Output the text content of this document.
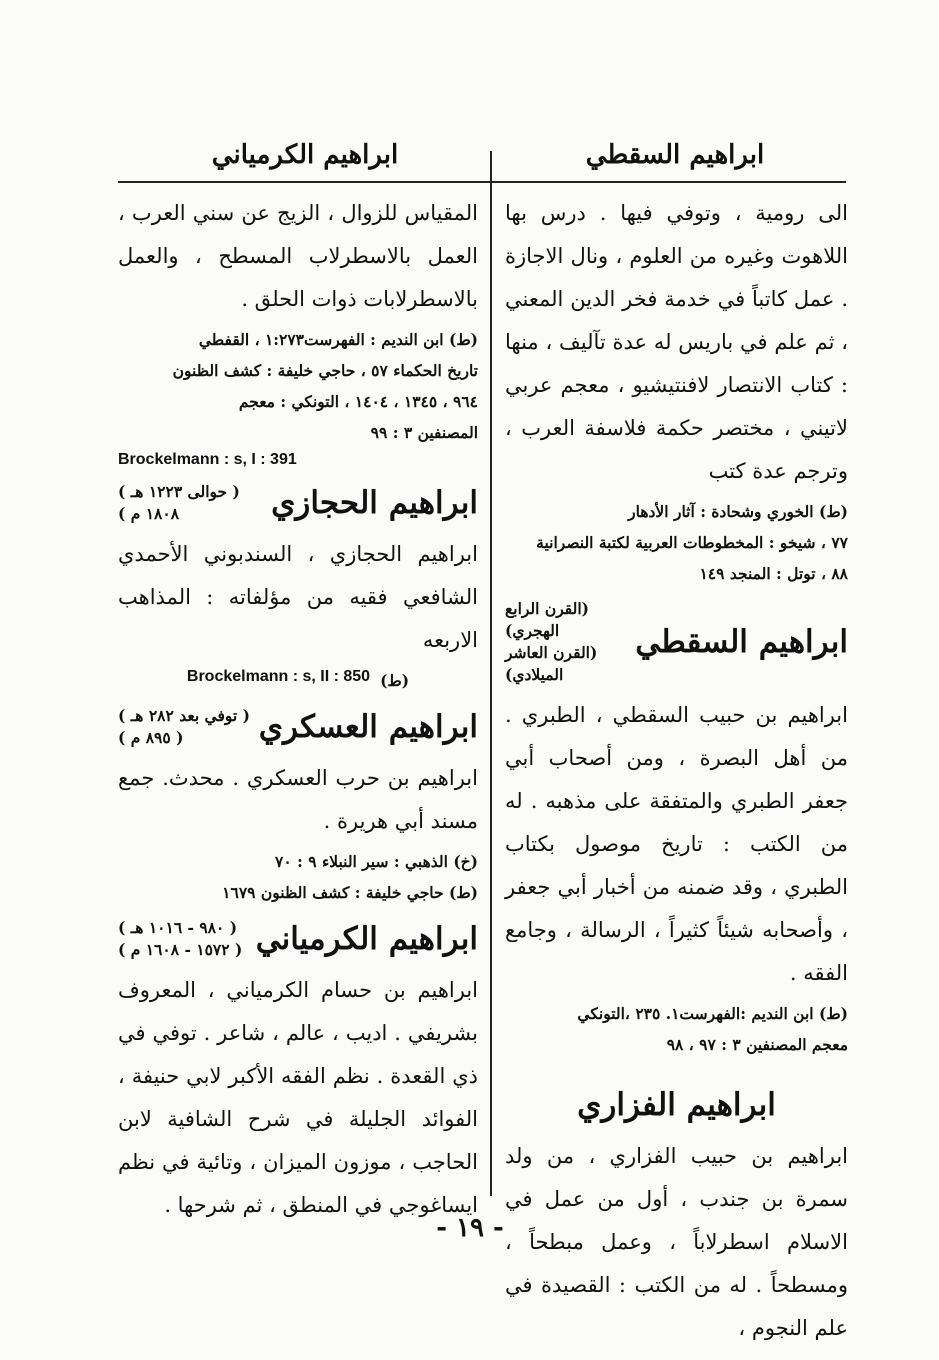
ابراهيم السقطي
ابراهيم الكرمياني

الى رومية ، وتوفي فيها . درس بها اللاهوت وغيره من العلوم ، ونال الاجازة . عمل كاتباً في خدمة فخر الدين المعني ، ثم علم في باريس له عدة تآليف ، منها : كتاب الانتصار لافنتيشيو ، معجم عربي لاتيني ، مختصر حكمة فلاسفة العرب ، وترجم عدة كتب

(ط) الخوري وشحادة : آثار الأدهار
٧٧ ، شيخو : المخطوطات العربية لكتبة النصرانية
٨٨ ، توتل : المنجد ١٤٩
ابراهيم السقطي
(القرن الرابع الهجري)
(القرن العاشر الميلادي)

ابراهيم بن حبيب السقطي ، الطبري . من أهل البصرة ، ومن أصحاب أبي جعفر الطبري والمتفقة على مذهبه . له من الكتب : تاريخ موصول بكتاب الطبري ، وقد ضمنه من أخبار أبي جعفر ، وأصحابه شيئاً كثيراً ، الرسالة ، وجامع الفقه .

(ط) ابن النديم :الفهرست١. ٢٣٥ ،التونكي
معجم المصنفين ٣ : ٩٧ ، ٩٨
ابراهيم الفزاري

ابراهيم بن حبيب الفزاري ، من ولد سمرة بن جندب ، أول من عمل في الاسلام اسطرلاباً ، وعمل مبطحاً ، ومسطحاً . له من الكتب : القصيدة في علم النجوم ،

المقياس للزوال ، الزيج عن سني العرب ، العمل بالاسطرلاب المسطح ، والعمل بالاسطرلابات ذوات الحلق .

(ط) ابن النديم : الفهرست١:٢٧٣ ، القفطي
تاريخ الحكماء ٥٧ ، حاجي خليفة : كشف الظنون
٩٦٤ ، ١٣٤٥ ، ١٤٠٤ ، التونكي : معجم
المصنفين ٣ : ٩٩
Brockelmann : s, I : 391
ابراهيم الحجازي
( حوالى ١٢٢٣ هـ )
١٨٠٨ م )

ابراهيم الحجازي ، السندبوني الأحمدي الشافعي فقيه من مؤلفاته : المذاهب الاربعه

Brockelmann : s, II : 850 (ط)
ابراهيم العسكري
( توفي بعد ٢٨٢ هـ )
( ٨٩٥ م )

ابراهيم بن حرب العسكري . محدث. جمع مسند أبي هريرة .

(خ) الذهبي : سير النبلاء ٩ : ٧٠
(ط) حاجي خليفة : كشف الظنون ١٦٧٩
ابراهيم الكرمياني
( ٩٨٠ - ١٠١٦ هـ )
( ١٥٧٢ - ١٦٠٨ م )

ابراهيم بن حسام الكرمياني ، المعروف بشريفي . اديب ، عالم ، شاعر . توفي في ذي القعدة . نظم الفقه الأكبر لابي حنيفة ، الفوائد الجليلة في شرح الشافية لابن الحاجب ، موزون الميزان ، وتائية في نظم ايساغوجي في المنطق ، ثم شرحها .

- ١٩ -
